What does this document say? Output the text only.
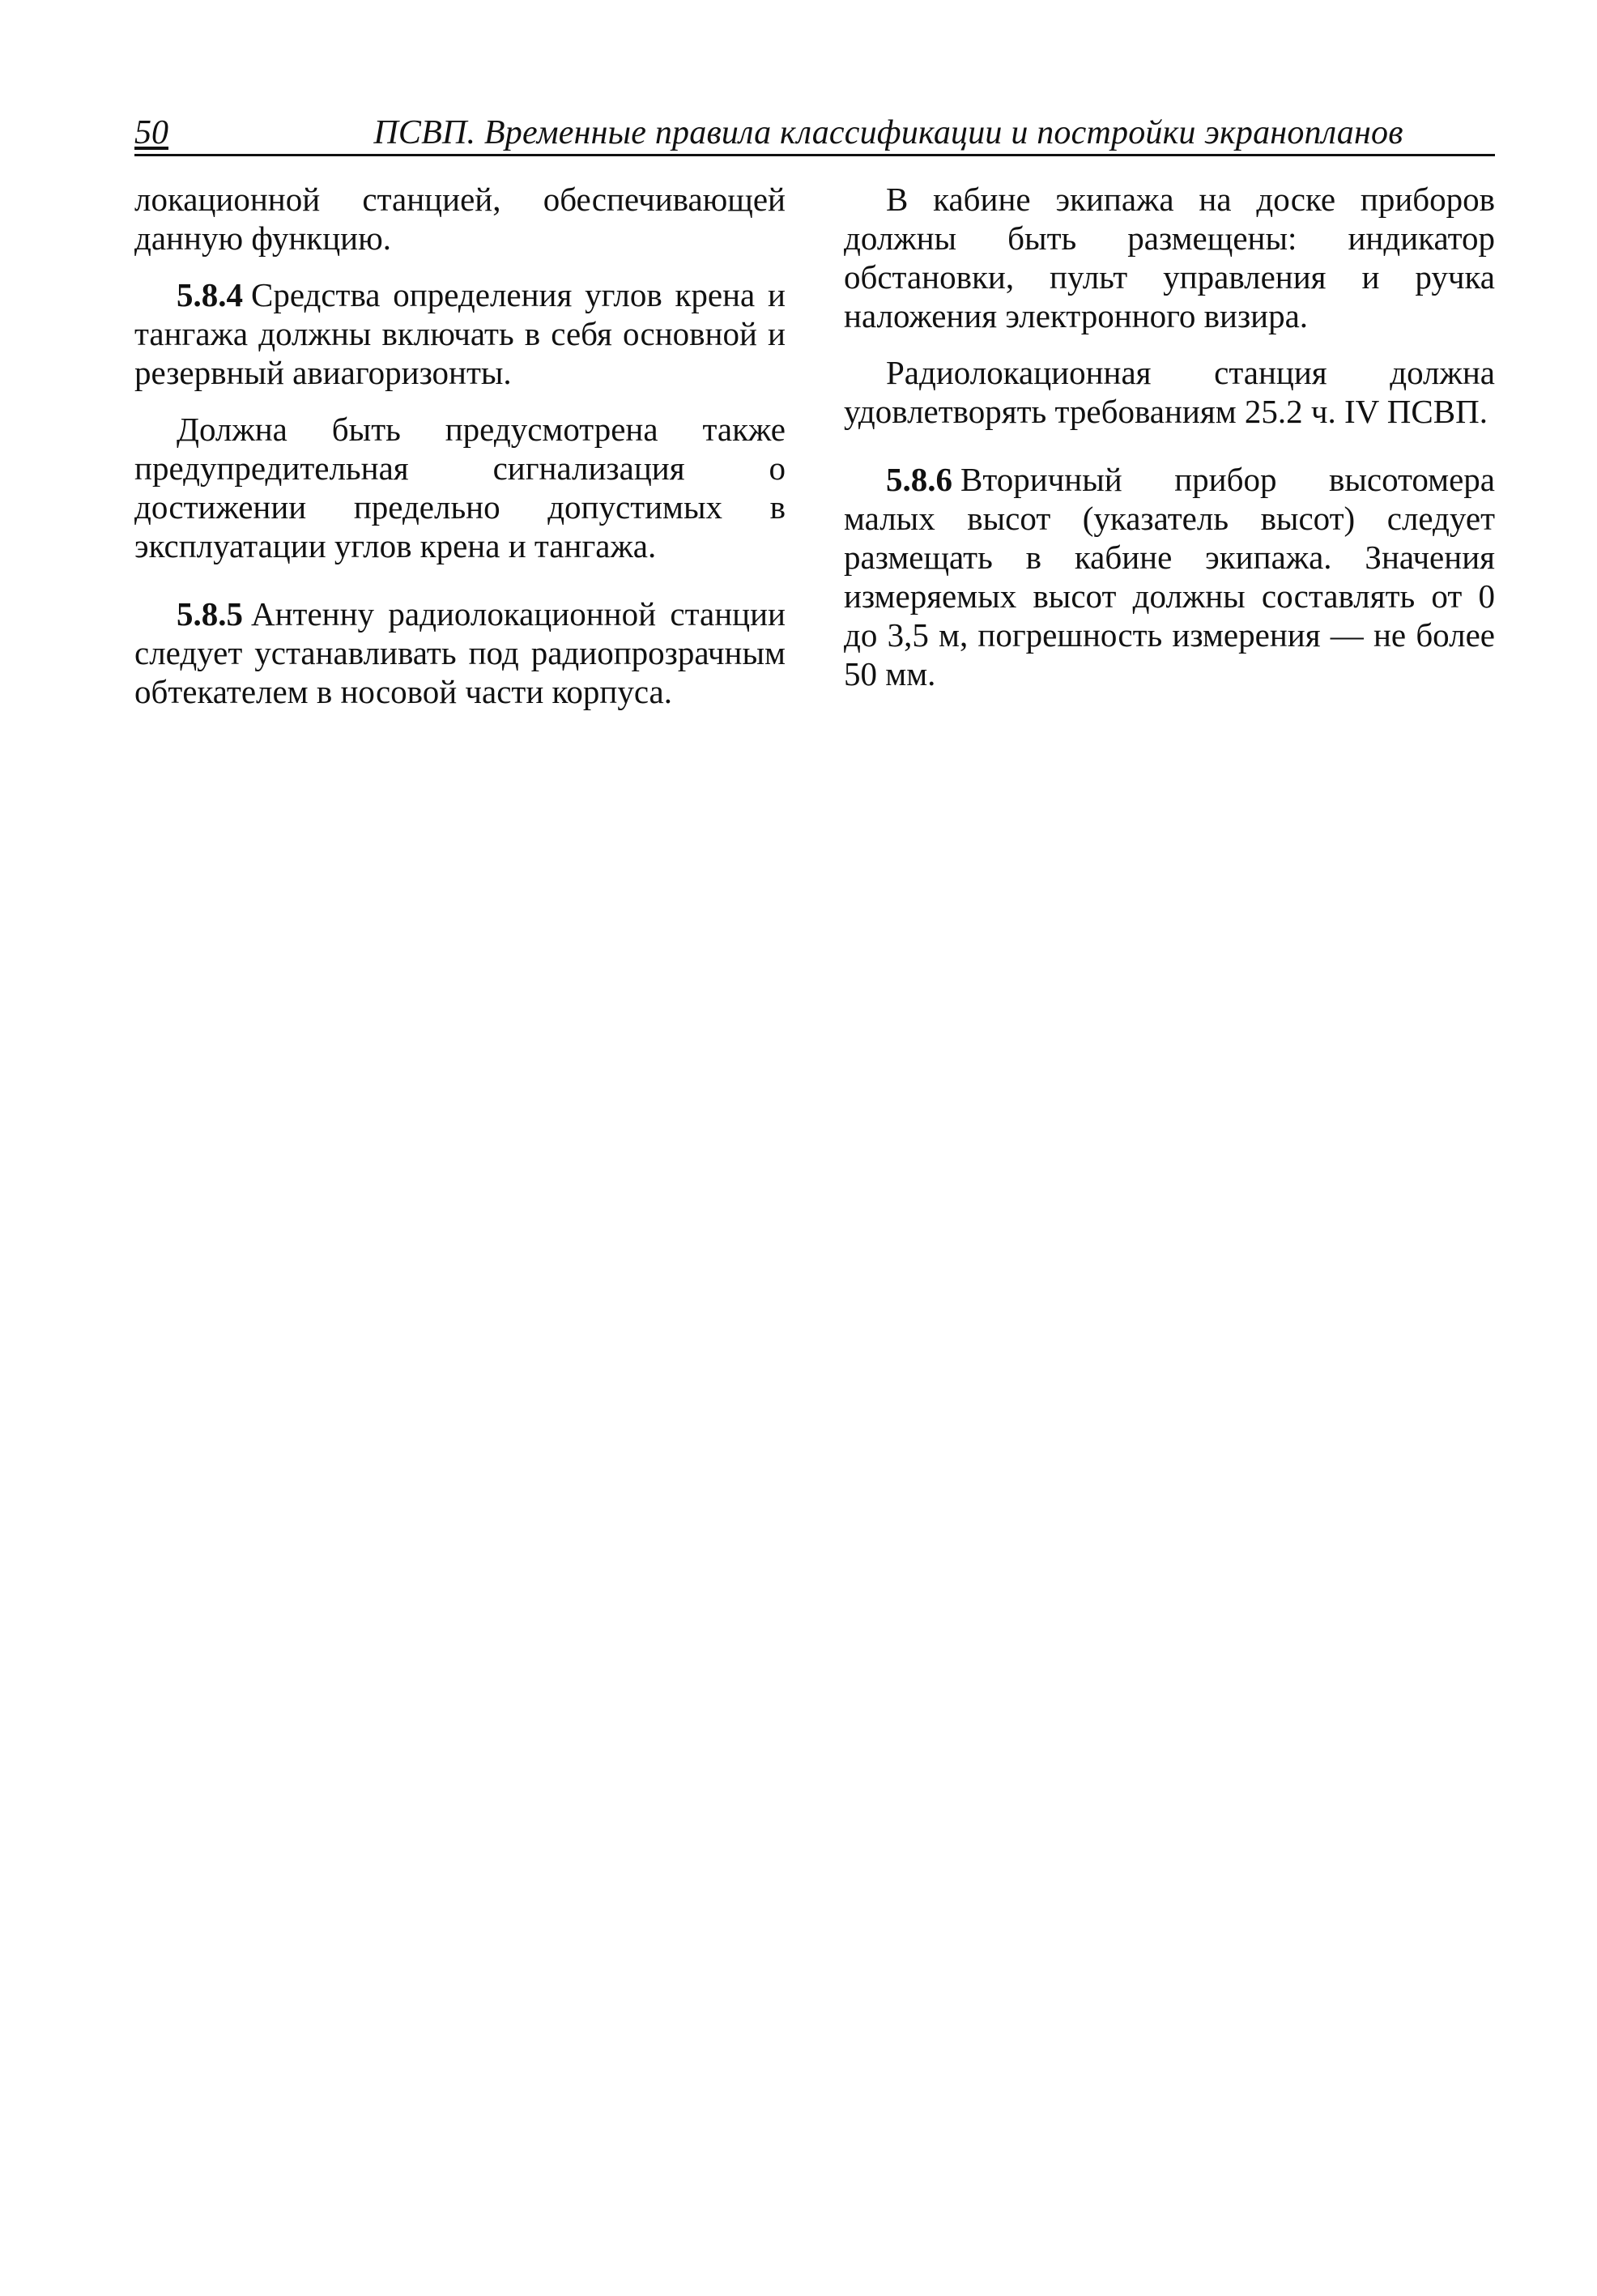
50	ПСВП. Временные правила классификации и постройки экранопланов

локационной станцией, обеспечивающей данную функцию.

5.8.4 Средства определения углов крена и тангажа должны включать в себя основной и резервный авиагоризонты.

Должна быть предусмотрена также предупредительная сигнализация о достижении предельно допустимых в эксплуатации углов крена и тангажа.

5.8.5 Антенну радиолокационной станции следует устанавливать под радиопрозрачным обтекателем в носовой части корпуса.

В кабине экипажа на доске приборов должны быть размещены: индикатор обстановки, пульт управления и ручка наложения электронного визира.

Радиолокационная станция должна удовлетворять требованиям 25.2 ч. IV ПСВП.

5.8.6 Вторичный прибор высотомера малых высот (указатель высот) следует размещать в кабине экипажа. Значения измеряемых высот должны составлять от 0 до 3,5 м, погрешность измерения — не более 50 мм.
